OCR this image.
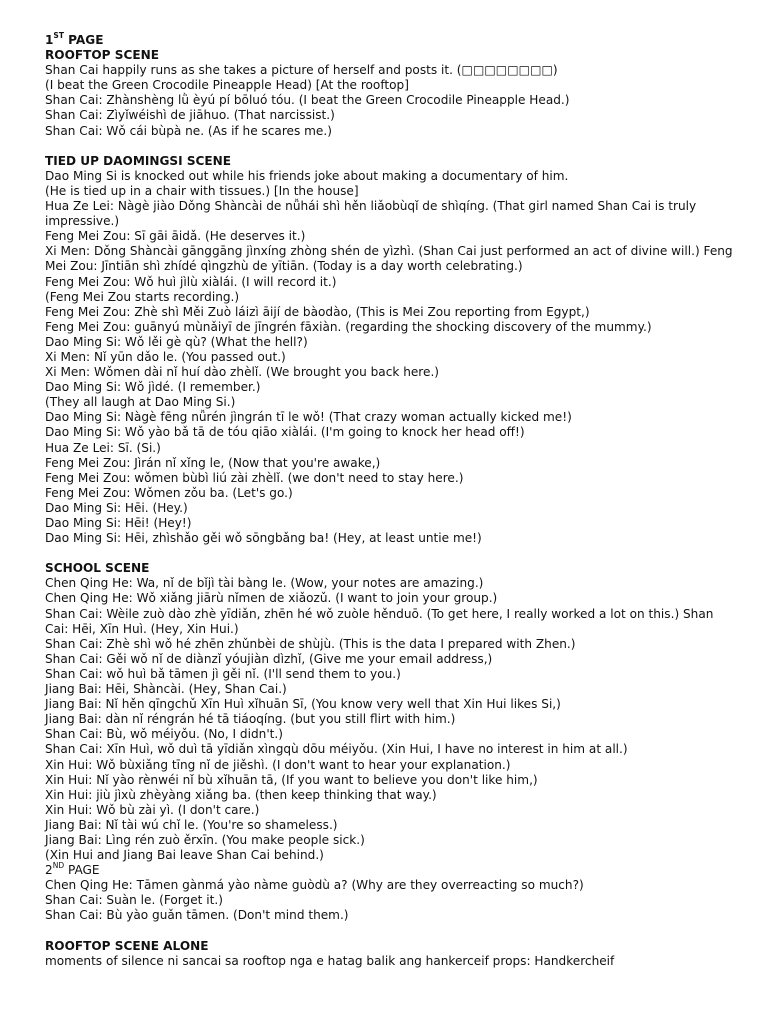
1ST PAGE
ROOFTOP SCENE
Shan Cai happily runs as she takes a picture of herself and posts it. (□□□□□□□□)
(I beat the Green Crocodile Pineapple Head) [At the rooftop]
Shan Cai: Zhànshèng lǜ èyú pí bōluó tóu. (I beat the Green Crocodile Pineapple Head.)
Shan Cai: Zìyǐwéishì de jiāhuo. (That narcissist.)
Shan Cai: Wǒ cái bùpà ne. (As if he scares me.)
TIED UP DAOMINGSI SCENE
Dao Ming Si is knocked out while his friends joke about making a documentary of him.
(He is tied up in a chair with tissues.) [In the house]
Hua Ze Lei: Nàgè jiào Dǒng Shàncài de nǚhái shì hěn liǎobùqǐ de shìqíng. (That girl named Shan Cai is truly impressive.)
Feng Mei Zou: Sī gāi āidǎ. (He deserves it.)
Xi Men: Dǒng Shàncài gānggāng jìnxíng zhòng shén de yìzhì. (Shan Cai just performed an act of divine will.) Feng Mei Zou: Jīntiān shì zhídé qìngzhù de yītiān. (Today is a day worth celebrating.)
Feng Mei Zou: Wǒ huì jìlù xiàlái. (I will record it.)
(Feng Mei Zou starts recording.)
Feng Mei Zou: Zhè shì Měi Zuò láizì āijí de bàodào, (This is Mei Zou reporting from Egypt,)
Feng Mei Zou: guānyú mùnǎiyī de jīngrén fāxiàn. (regarding the shocking discovery of the mummy.)
Dao Ming Si: Wǒ lěi gè qù? (What the hell?)
Xi Men: Nǐ yūn dǎo le. (You passed out.)
Xi Men: Wǒmen dài nǐ huí dào zhèlǐ. (We brought you back here.)
Dao Ming Si: Wǒ jìdé. (I remember.)
(They all laugh at Dao Ming Si.)
Dao Ming Si: Nàgè fēng nǚrén jìngrán tī le wǒ! (That crazy woman actually kicked me!)
Dao Ming Si: Wǒ yào bǎ tā de tóu qiāo xiàlái. (I'm going to knock her head off!)
Hua Ze Lei: Sī. (Si.)
Feng Mei Zou: Jìrán nǐ xǐng le, (Now that you're awake,)
Feng Mei Zou: wǒmen bùbì liú zài zhèlǐ. (we don't need to stay here.)
Feng Mei Zou: Wǒmen zǒu ba. (Let's go.)
Dao Ming Si: Hēi. (Hey.)
Dao Ming Si: Hēi! (Hey!)
Dao Ming Si: Hēi, zhìshǎo gěi wǒ sōngbǎng ba! (Hey, at least untie me!)
SCHOOL SCENE
Chen Qing He: Wa, nǐ de bǐjì tài bàng le. (Wow, your notes are amazing.)
Chen Qing He: Wǒ xiǎng jiārù nǐmen de xiǎozǔ. (I want to join your group.)
Shan Cai: Wèile zuò dào zhè yīdiǎn, zhēn hé wǒ zuòle hěnduō. (To get here, I really worked a lot on this.) Shan Cai: Hēi, Xīn Huì. (Hey, Xin Hui.)
Shan Cai: Zhè shì wǒ hé zhēn zhǔnbèi de shùjù. (This is the data I prepared with Zhen.)
Shan Cai: Gěi wǒ nǐ de diànzǐ yóujiàn dìzhǐ, (Give me your email address,)
Shan Cai: wǒ huì bǎ tāmen jì gěi nǐ. (I'll send them to you.)
Jiang Bai: Hēi, Shàncài. (Hey, Shan Cai.)
Jiang Bai: Nǐ hěn qīngchǔ Xīn Huì xǐhuān Sī, (You know very well that Xin Hui likes Si,)
Jiang Bai: dàn nǐ réngrán hé tā tiáoqíng. (but you still flirt with him.)
Shan Cai: Bù, wǒ méiyǒu. (No, I didn't.)
Shan Cai: Xīn Huì, wǒ duì tā yīdiǎn xìngqù dōu méiyǒu. (Xin Hui, I have no interest in him at all.)
Xin Hui: Wǒ bùxiǎng tīng nǐ de jiěshì. (I don't want to hear your explanation.)
Xin Hui: Nǐ yào rènwéi nǐ bù xǐhuān tā, (If you want to believe you don't like him,)
Xin Hui: jiù jìxù zhèyàng xiǎng ba. (then keep thinking that way.)
Xin Hui: Wǒ bù zài yì. (I don't care.)
Jiang Bai: Nǐ tài wú chǐ le. (You're so shameless.)
Jiang Bai: Lìng rén zuò ěrxīn. (You make people sick.)
(Xin Hui and Jiang Bai leave Shan Cai behind.)
2ND PAGE
Chen Qing He: Tāmen gànmá yào nàme guòdù a? (Why are they overreacting so much?)
Shan Cai: Suàn le. (Forget it.)
Shan Cai: Bù yào guǎn tāmen. (Don't mind them.)
ROOFTOP SCENE ALONE
moments of silence ni sancai sa rooftop nga e hatag balik ang hankerceif props: Handkercheif
